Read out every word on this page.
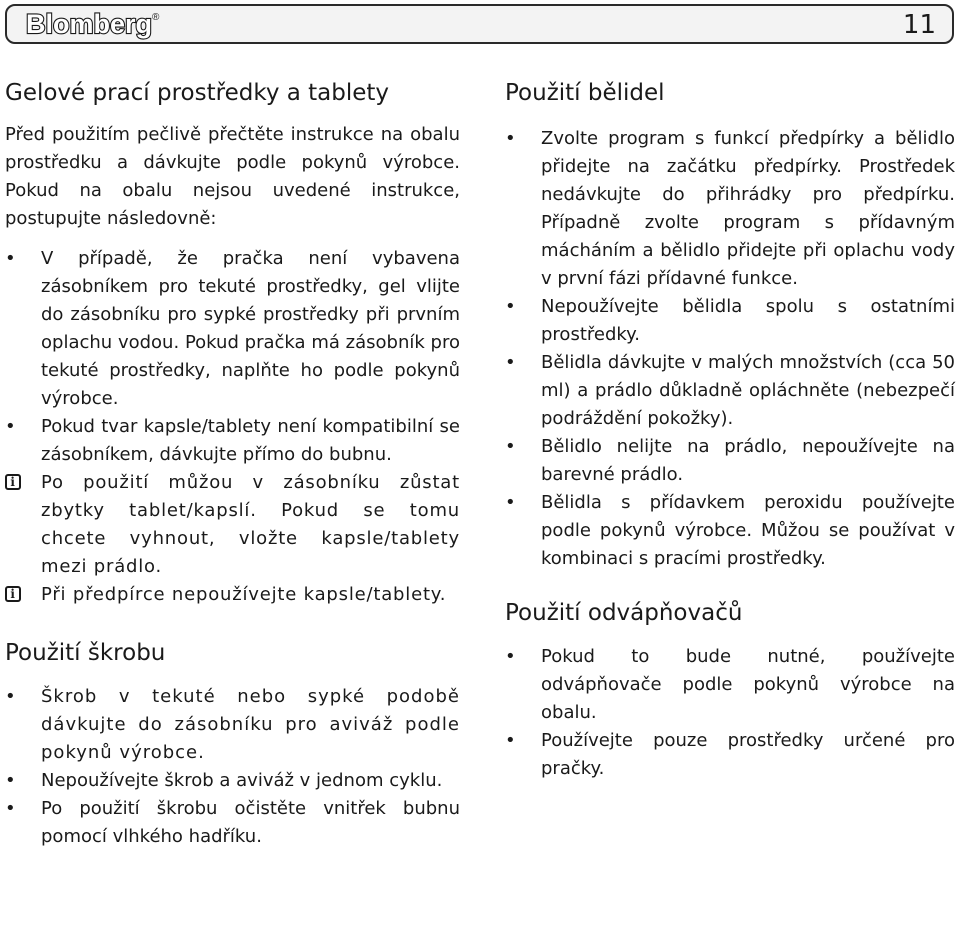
Blomberg®	11
Gelové prací prostředky a tablety

Před použitím pečlivě přečtěte instrukce na obalu prostředku a dávkujte podle pokynů výrobce. Pokud na obalu nejsou uvedené instrukce, postupujte následovně:

• V případě, že pračka není vybavena zásobníkem pro tekuté prostředky, gel vlijte do zásobníku pro sypké prostředky při prvním oplachu vodou. Pokud pračka má zásobník pro tekuté prostředky, naplňte ho podle pokynů výrobce.
• Pokud tvar kapsle/tablety není kompatibilní se zásobníkem, dávkujte přímo do bubnu.
i Po použití můžou v zásobníku zůstat zbytky tablet/kapslí. Pokud se tomu chcete vyhnout, vložte kapsle/tablety mezi prádlo.
i Při předpírce nepoužívejte kapsle/tablety.
Použití škrobu
• Škrob v tekuté nebo sypké podobě dávkujte do zásobníku pro aviváž podle pokynů výrobce.
• Nepoužívejte škrob a aviváž v jednom cyklu.
• Po použití škrobu očistěte vnitřek bubnu pomocí vlhkého hadříku.
Použití bělidel
• Zvolte program s funkcí předpírky a bělidlo přidejte na začátku předpírky. Prostředek nedávkujte do přihrádky pro předpírku. Případně zvolte program s přídavným mácháním a bělidlo přidejte při oplachu vody v první fázi přídavné funkce.
• Nepoužívejte bělidla spolu s ostatními prostředky.
• Bělidla dávkujte v malých množstvích (cca 50 ml) a prádlo důkladně opláchněte (nebezpečí podráždění pokožky).
• Bělidlo nelijte na prádlo, nepoužívejte na barevné prádlo.
• Bělidla s přídavkem peroxidu používejte podle pokynů výrobce. Můžou se používat v kombinaci s pracími prostředky.
Použití odvápňovačů
• Pokud to bude nutné, používejte odvápňovače podle pokynů výrobce na obalu.
• Používejte pouze prostředky určené pro pračky.
